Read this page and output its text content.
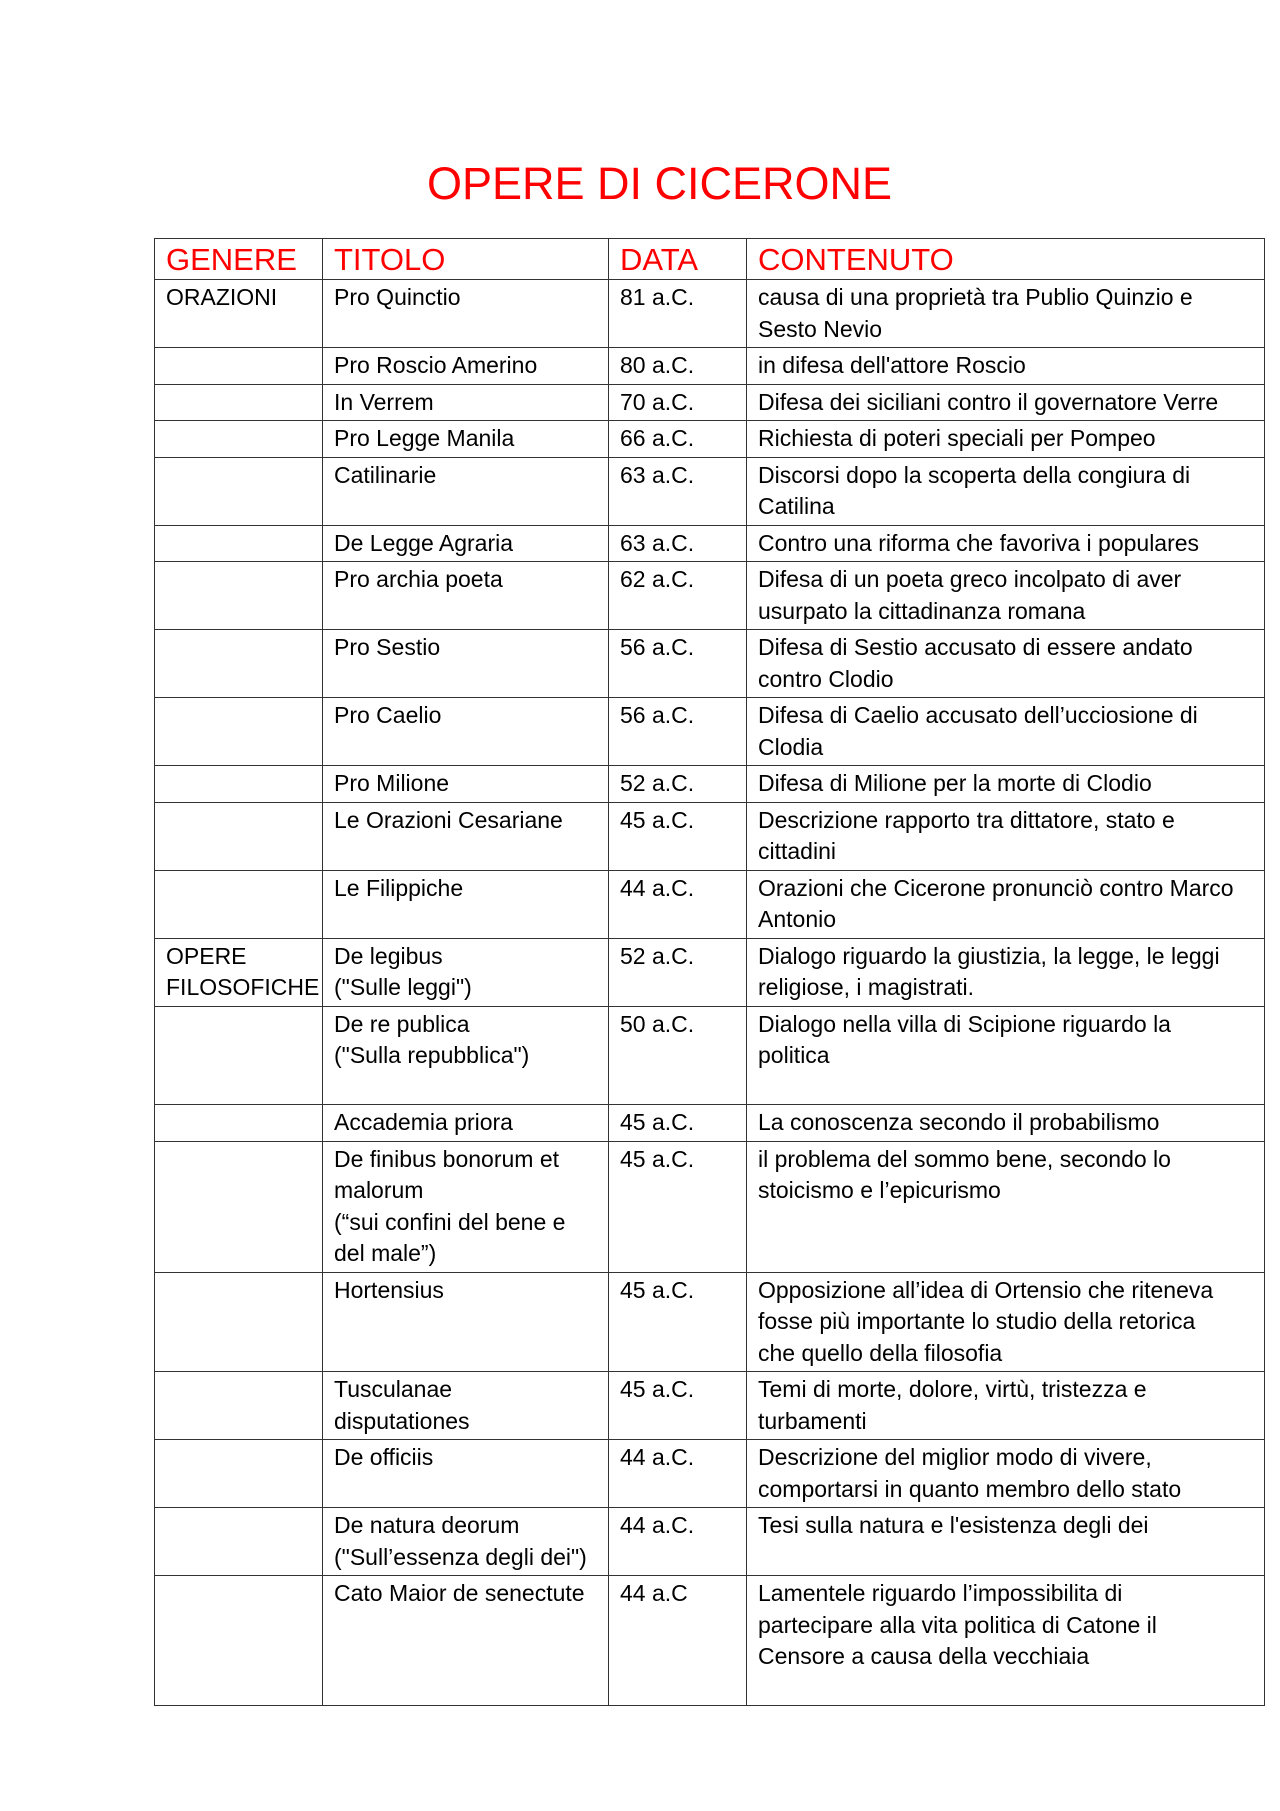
OPERE DI CICERONE
GENERE	TITOLO	DATA	CONTENUTO

ORAZIONI	Pro Quinctio	81 a.C.	causa di una proprietà tra Publio Quinzio e
Sesto Nevio

	Pro Roscio Amerino	80 a.C.	in difesa dell'attore Roscio

	In Verrem	70 a.C.	Difesa dei siciliani contro il governatore Verre

	Pro Legge Manila	66 a.C.	Richiesta di poteri speciali per Pompeo

	Catilinarie	63 a.C.	Discorsi dopo la scoperta della congiura di
Catilina

	De Legge Agraria	63 a.C.	Contro una riforma che favoriva i populares

	Pro archia poeta	62 a.C.	Difesa di un poeta greco incolpato di aver
usurpato la cittadinanza romana

	Pro Sestio	56 a.C.	Difesa di Sestio accusato di essere andato
contro Clodio

	Pro Caelio	56 a.C.	Difesa di Caelio accusato dell’ucciosione di
Clodia

	Pro Milione	52 a.C.	Difesa di Milione per la morte di Clodio

	Le Orazioni Cesariane	45 a.C.	Descrizione rapporto tra dittatore, stato e
cittadini

	Le Filippiche	44 a.C.	Orazioni che Cicerone pronunciò contro Marco
Antonio

OPERE
FILOSOFICHE	De legibus
("Sulle leggi")	52 a.C.	Dialogo riguardo la giustizia, la legge, le leggi
religiose, i magistrati.

	De re publica
("Sulla repubblica")	50 a.C.	Dialogo nella villa di Scipione riguardo la
politica

	Accademia priora	45 a.C.	La conoscenza secondo il probabilismo

	De finibus bonorum et
malorum
(“sui confini del bene e
del male”)	45 a.C.	il problema del sommo bene, secondo lo
stoicismo e l’epicurismo

	Hortensius	45 a.C.	Opposizione all’idea di Ortensio che riteneva
fosse più importante lo studio della retorica
che quello della filosofia

	Tusculanae
disputationes	45 a.C.	Temi di morte, dolore, virtù, tristezza e
turbamenti

	De officiis	44 a.C.	Descrizione del miglior modo di vivere,
comportarsi in quanto membro dello stato

	De natura deorum
("Sull’essenza degli dei")	44 a.C.	Tesi sulla natura e l'esistenza degli dei

	Cato Maior de senectute	44 a.C	Lamentele riguardo l’impossibilita di
partecipare alla vita politica di Catone il
Censore a causa della vecchiaia
